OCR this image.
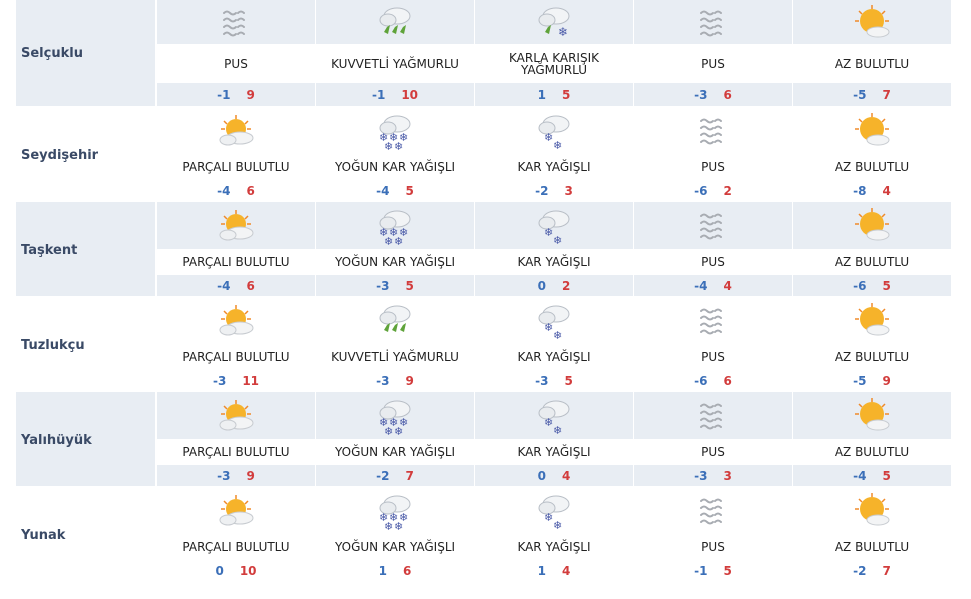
Selçuklu
PUS
-1 9
KUVVETLİ YAĞMURLU
-1 10
❄
KARLA KARIŞIK YAĞMURLU
1 5
PUS
-3 6
AZ BULUTLU
-5 7
Seydişehir
PARÇALI BULUTLU
-4 6
❄ ❄ ❄
❄ ❄
YOĞUN KAR YAĞIŞLI
-4 5
❄
❄
KAR YAĞIŞLI
-2 3
PUS
-6 2
AZ BULUTLU
-8 4
Taşkent
PARÇALI BULUTLU
-4 6
❄ ❄ ❄
❄ ❄
YOĞUN KAR YAĞIŞLI
-3 5
❄
❄
KAR YAĞIŞLI
0 2
PUS
-4 4
AZ BULUTLU
-6 5
Tuzlukçu
PARÇALI BULUTLU
-3 11
KUVVETLİ YAĞMURLU
-3 9
❄
❄
KAR YAĞIŞLI
-3 5
PUS
-6 6
AZ BULUTLU
-5 9
Yalıhüyük
PARÇALI BULUTLU
-3 9
❄ ❄ ❄
❄ ❄
YOĞUN KAR YAĞIŞLI
-2 7
❄
❄
KAR YAĞIŞLI
0 4
PUS
-3 3
AZ BULUTLU
-4 5
Yunak
PARÇALI BULUTLU
0 10
❄ ❄ ❄
❄ ❄
YOĞUN KAR YAĞIŞLI
1 6
❄
❄
KAR YAĞIŞLI
1 4
PUS
-1 5
AZ BULUTLU
-2 7
